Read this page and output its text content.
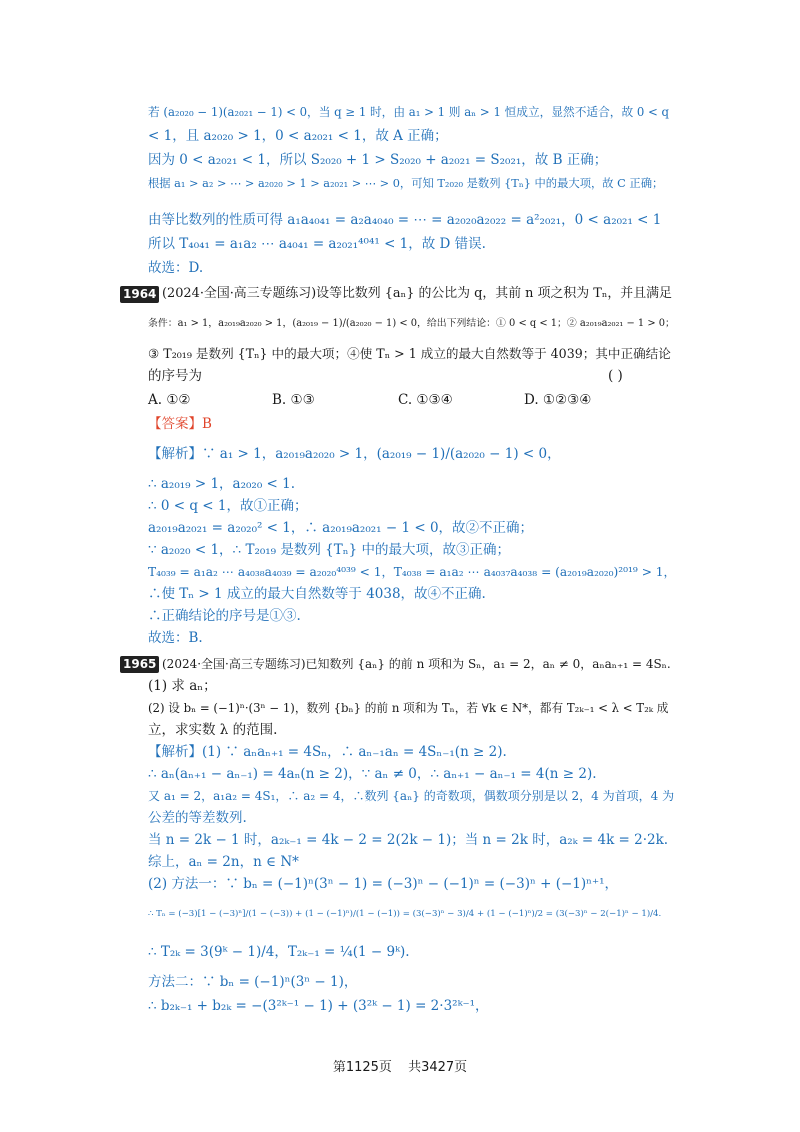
若 (a₂₀₂₀ − 1)(a₂₀₂₁ − 1) < 0，当 q ≥ 1 时，由 a₁ > 1 则 aₙ > 1 恒成立，显然不适合，故 0 < q
< 1，且 a₂₀₂₀ > 1，0 < a₂₀₂₁ < 1，故 A 正确；
因为 0 < a₂₀₂₁ < 1，所以 S₂₀₂₀ + 1 > S₂₀₂₀ + a₂₀₂₁ = S₂₀₂₁，故 B 正确；
根据 a₁ > a₂ > ⋯ > a₂₀₂₀ > 1 > a₂₀₂₁ > ⋯ > 0，可知 T₂₀₂₀ 是数列 {Tₙ} 中的最大项，故 C 正确；
由等比数列的性质可得 a₁a₄₀₄₁ = a₂a₄₀₄₀ = ⋯ = a₂₀₂₀a₂₀₂₂ = a²₂₀₂₁，0 < a₂₀₂₁ < 1
所以 T₄₀₄₁ = a₁a₂ ⋯ a₄₀₄₁ = a₂₀₂₁⁴⁰⁴¹ < 1，故 D 错误.
故选：D.
1964 (2024·全国·高三专题练习)设等比数列 {aₙ} 的公比为 q，其前 n 项之积为 Tₙ，并且满足
条件：a₁ > 1，a₂₀₁₉a₂₀₂₀ > 1，(a₂₀₁₉ − 1)/(a₂₀₂₀ − 1) < 0，给出下列结论：① 0 < q < 1；② a₂₀₁₉a₂₀₂₁ − 1 > 0；
③ T₂₀₁₉ 是数列 {Tₙ} 中的最大项；④使 Tₙ > 1 成立的最大自然数等于 4039；其中正确结论
的序号为	( )
A. ①②	B. ①③	C. ①③④	D. ①②③④
【答案】B
【解析】∵ a₁ > 1，a₂₀₁₉a₂₀₂₀ > 1，(a₂₀₁₉ − 1)/(a₂₀₂₀ − 1) < 0，
∴ a₂₀₁₉ > 1，a₂₀₂₀ < 1.
∴ 0 < q < 1，故①正确；
a₂₀₁₉a₂₀₂₁ = a₂₀₂₀² < 1，∴ a₂₀₁₉a₂₀₂₁ − 1 < 0，故②不正确；
∵ a₂₀₂₀ < 1，∴ T₂₀₁₉ 是数列 {Tₙ} 中的最大项，故③正确；
T₄₀₃₉ = a₁a₂ ⋯ a₄₀₃₈a₄₀₃₉ = a₂₀₂₀⁴⁰³⁹ < 1，T₄₀₃₈ = a₁a₂ ⋯ a₄₀₃₇a₄₀₃₈ = (a₂₀₁₉a₂₀₂₀)²⁰¹⁹ > 1，
∴使 Tₙ > 1 成立的最大自然数等于 4038，故④不正确.
∴正确结论的序号是①③.
故选：B.
1965 (2024·全国·高三专题练习)已知数列 {aₙ} 的前 n 项和为 Sₙ，a₁ = 2，aₙ ≠ 0，aₙaₙ₊₁ = 4Sₙ.
(1) 求 aₙ；
(2) 设 bₙ = (−1)ⁿ·(3ⁿ − 1)，数列 {bₙ} 的前 n 项和为 Tₙ，若 ∀k ∈ N*，都有 T₂ₖ₋₁ < λ < T₂ₖ 成
立，求实数 λ 的范围.
【解析】(1) ∵ aₙaₙ₊₁ = 4Sₙ，∴ aₙ₋₁aₙ = 4Sₙ₋₁(n ≥ 2).
∴ aₙ(aₙ₊₁ − aₙ₋₁) = 4aₙ(n ≥ 2)，∵ aₙ ≠ 0，∴ aₙ₊₁ − aₙ₋₁ = 4(n ≥ 2).
又 a₁ = 2，a₁a₂ = 4S₁，∴ a₂ = 4，∴数列 {aₙ} 的奇数项，偶数项分别是以 2，4 为首项，4 为
公差的等差数列.
当 n = 2k − 1 时，a₂ₖ₋₁ = 4k − 2 = 2(2k − 1)；当 n = 2k 时，a₂ₖ = 4k = 2·2k.
综上，aₙ = 2n，n ∈ N*
(2) 方法一：∵ bₙ = (−1)ⁿ(3ⁿ − 1) = (−3)ⁿ − (−1)ⁿ = (−3)ⁿ + (−1)ⁿ⁺¹，
∴ Tₙ = (−3)[1 − (−3)ⁿ]/(1 − (−3)) + (1 − (−1)ⁿ)/(1 − (−1)) = (3(−3)ⁿ − 3)/4 + (1 − (−1)ⁿ)/2 = (3(−3)ⁿ − 2(−1)ⁿ − 1)/4.
∴ T₂ₖ = 3(9ᵏ − 1)/4，T₂ₖ₋₁ = ¼(1 − 9ᵏ).
方法二：∵ bₙ = (−1)ⁿ(3ⁿ − 1)，
∴ b₂ₖ₋₁ + b₂ₖ = −(3²ᵏ⁻¹ − 1) + (3²ᵏ − 1) = 2·3²ᵏ⁻¹，
第1125页 共3427页
